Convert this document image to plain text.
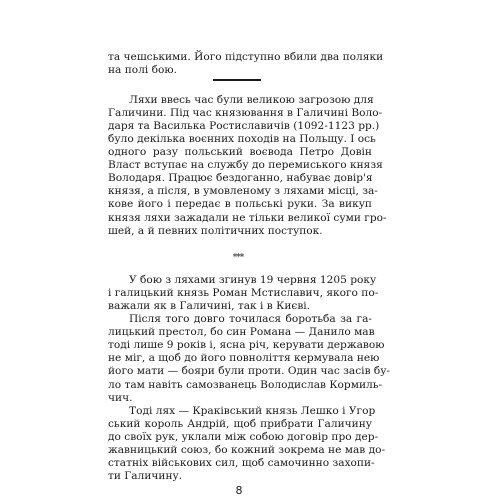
та чешськими. Його підступно вбили два поляки
на полі бою.
Ляхи ввесь час були великою загрозою для
Галичини. Під час князювання в Галичині Воло-
даря та Василька Ростиславичів (1092-1123 рр.)
було декілька воєнних походів на Польщу. І ось
одного разу польський воєвода Петро Довін
Власт вступає на службу до перемиського князя
Володаря. Працює бездоганно, набуває довір'я
князя, а після, в умовленому з ляхами місці, за-
кове його і передає в польські руки. За викуп
князя ляхи зажадали не тільки великої суми гро-
шей, а й певних політичних поступок.
***
У бою з ляхами згинув 19 червня 1205 року
і галицький князь Роман Мстиславич, якого по-
важали як в Галичині, так і в Києві.
Після того довго точилася боротьба за га-
лицький престол, бо син Романа — Данило мав
тоді лише 9 років і, ясна річ, керувати державою
не міг, а щоб до його повноліття кермувала нею
його мати — бояри були проти. Один час засів бу-
ло там навіть самозванець Володислав Кормиль-
чич.
Тоді лях — Краківський князь Лешко і Угор
ський король Андрій, щоб прибрати Галичину
до своїх рук, уклали між собою договір про дер-
жавницький союз, бо кожний зокрема не мав до-
статніх військових сил, щоб самочинно захопи-
ти Галичину.
8
